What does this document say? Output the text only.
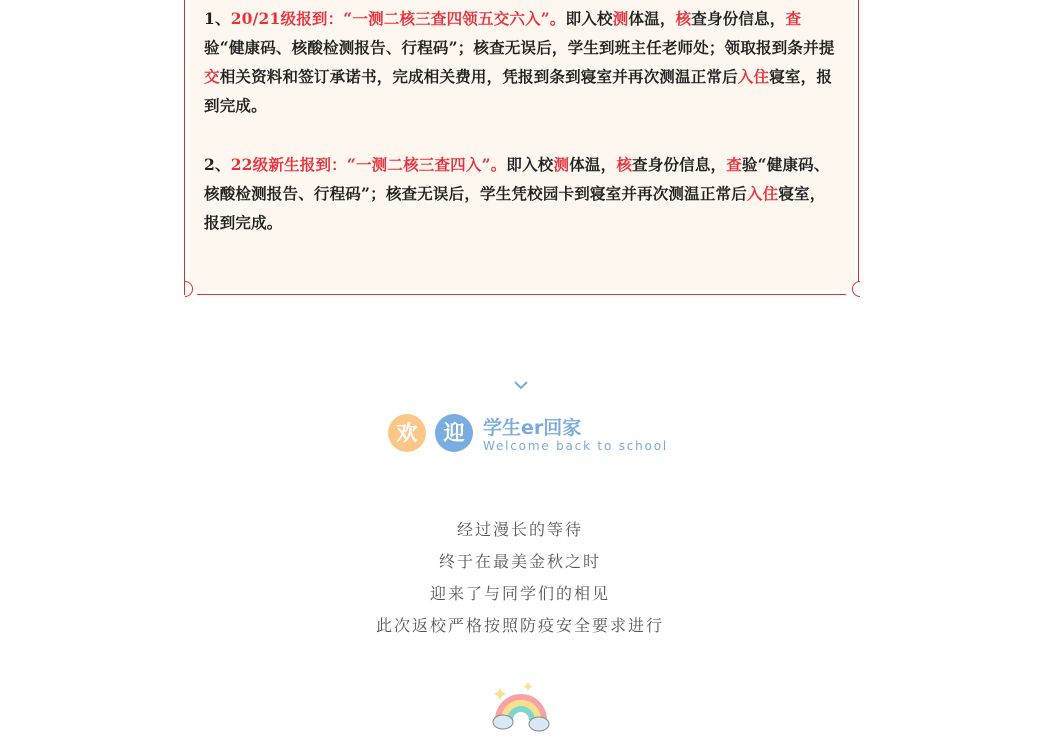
1、20/21级报到：“一测二核三查四领五交六入”。即入校测体温，核查身份信息，查验“健康码、核酸检测报告、行程码”；核查无误后，学生到班主任老师处；领取报到条并提交相关资料和签订承诺书，完成相关费用，凭报到条到寝室并再次测温正常后入住寝室，报到完成。
2、22级新生报到：“一测二核三查四入”。即入校测体温，核查身份信息，查验“健康码、核酸检测报告、行程码”；核查无误后，学生凭校园卡到寝室并再次测温正常后入住寝室，报到完成。
欢	迎 学生er回家
Welcome back to school
经过漫长的等待
终于在最美金秋之时
迎来了与同学们的相见
此次返校严格按照防疫安全要求进行
